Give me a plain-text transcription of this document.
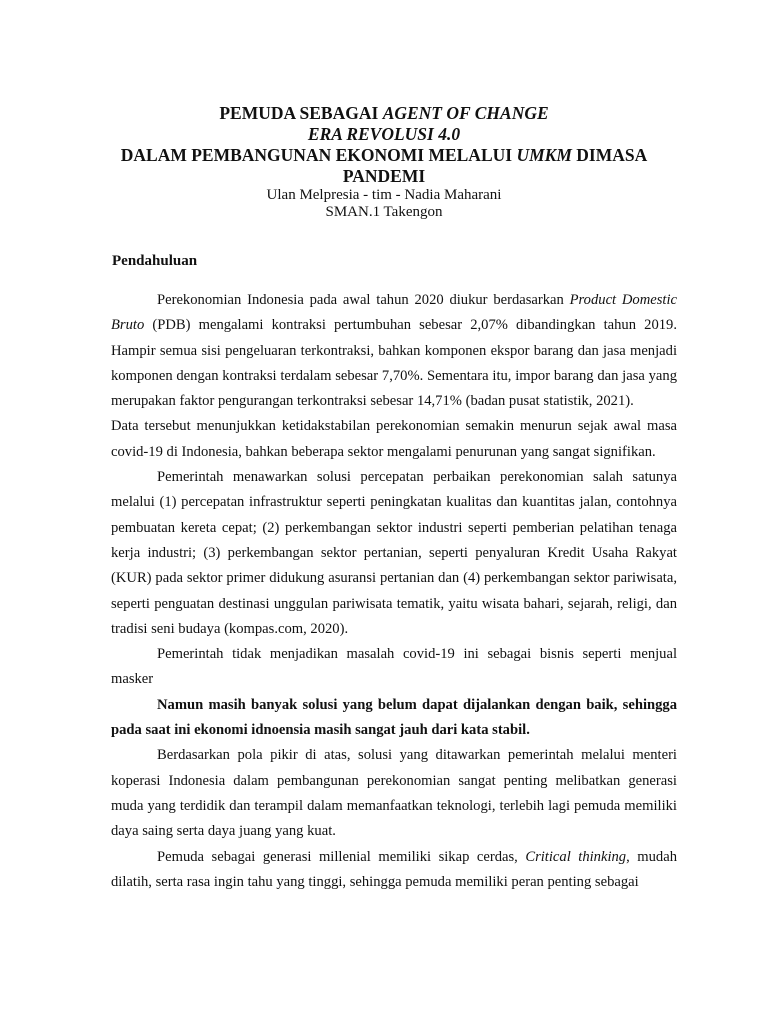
PEMUDA SEBAGAI AGENT OF CHANGE
ERA REVOLUSI 4.0
DALAM PEMBANGUNAN EKONOMI MELALUI UMKM DIMASA
PANDEMI
Ulan Melpresia - tim - Nadia Maharani
SMAN.1 Takengon
Pendahuluan

Perekonomian Indonesia pada awal tahun 2020 diukur berdasarkan Product Domestic Bruto (PDB) mengalami kontraksi pertumbuhan sebesar 2,07% dibandingkan tahun 2019. Hampir semua sisi pengeluaran terkontraksi, bahkan komponen ekspor barang dan jasa menjadi komponen dengan kontraksi terdalam sebesar 7,70%. Sementara itu, impor barang dan jasa yang merupakan faktor pengurangan terkontraksi sebesar 14,71% (badan pusat statistik, 2021).

Data tersebut menunjukkan ketidakstabilan perekonomian semakin menurun sejak awal masa covid-19 di Indonesia, bahkan beberapa sektor mengalami penurunan yang sangat signifikan.

Pemerintah menawarkan solusi percepatan perbaikan perekonomian salah satunya melalui (1) percepatan infrastruktur seperti peningkatan kualitas dan kuantitas jalan, contohnya pembuatan kereta cepat; (2) perkembangan sektor industri seperti pemberian pelatihan tenaga kerja industri; (3) perkembangan sektor pertanian, seperti penyaluran Kredit Usaha Rakyat (KUR) pada sektor primer didukung asuransi pertanian dan (4) perkembangan sektor pariwisata, seperti penguatan destinasi unggulan pariwisata tematik, yaitu wisata bahari, sejarah, religi, dan tradisi seni budaya (kompas.com, 2020).

Pemerintah tidak menjadikan masalah covid-19 ini sebagai bisnis seperti menjual masker

Namun masih banyak solusi yang belum dapat dijalankan dengan baik, sehingga pada saat ini ekonomi idnoensia masih sangat jauh dari kata stabil.

Berdasarkan pola pikir di atas, solusi yang ditawarkan pemerintah melalui menteri koperasi Indonesia dalam pembangunan perekonomian sangat penting melibatkan generasi muda yang terdidik dan terampil dalam memanfaatkan teknologi, terlebih lagi pemuda memiliki daya saing serta daya juang yang kuat.

Pemuda sebagai generasi millenial memiliki sikap cerdas, Critical thinking, mudah dilatih, serta rasa ingin tahu yang tinggi, sehingga pemuda memiliki peran penting sebagai
